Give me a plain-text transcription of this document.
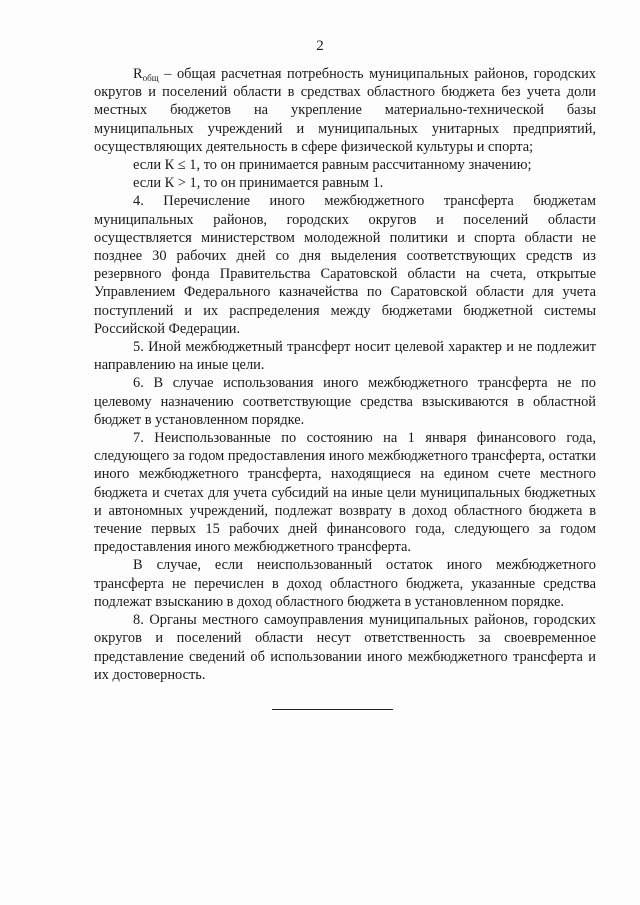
2

$R_{общ}$ – общая расчетная потребность муниципальных районов, городских округов и поселений области в средствах областного бюджета без учета доли местных бюджетов на укрепление материально-технической базы муниципальных учреждений и муниципальных унитарных предприятий, осуществляющих деятельность в сфере физической культуры и спорта;

если К ≤ 1, то он принимается равным рассчитанному значению;

если К > 1, то он принимается равным 1.

4. Перечисление иного межбюджетного трансферта бюджетам муниципальных районов, городских округов и поселений области осуществляется министерством молодежной политики и спорта области не позднее 30 рабочих дней со дня выделения соответствующих средств из резервного фонда Правительства Саратовской области на счета, открытые Управлением Федерального казначейства по Саратовской области для учета поступлений и их распределения между бюджетами бюджетной системы Российской Федерации.

5. Иной межбюджетный трансферт носит целевой характер и не подлежит направлению на иные цели.

6. В случае использования иного межбюджетного трансферта не по целевому назначению соответствующие средства взыскиваются в областной бюджет в установленном порядке.

7. Неиспользованные по состоянию на 1 января финансового года, следующего за годом предоставления иного межбюджетного трансферта, остатки иного межбюджетного трансферта, находящиеся на едином счете местного бюджета и счетах для учета субсидий на иные цели муниципальных бюджетных и автономных учреждений, подлежат возврату в доход областного бюджета в течение первых 15 рабочих дней финансового года, следующего за годом предоставления иного межбюджетного трансферта.

В случае, если неиспользованный остаток иного межбюджетного трансферта не перечислен в доход областного бюджета, указанные средства подлежат взысканию в доход областного бюджета в установленном порядке.

8. Органы местного самоуправления муниципальных районов, городских округов и поселений области несут ответственность за своевременное представление сведений об использовании иного межбюджетного трансферта и их достоверность.
